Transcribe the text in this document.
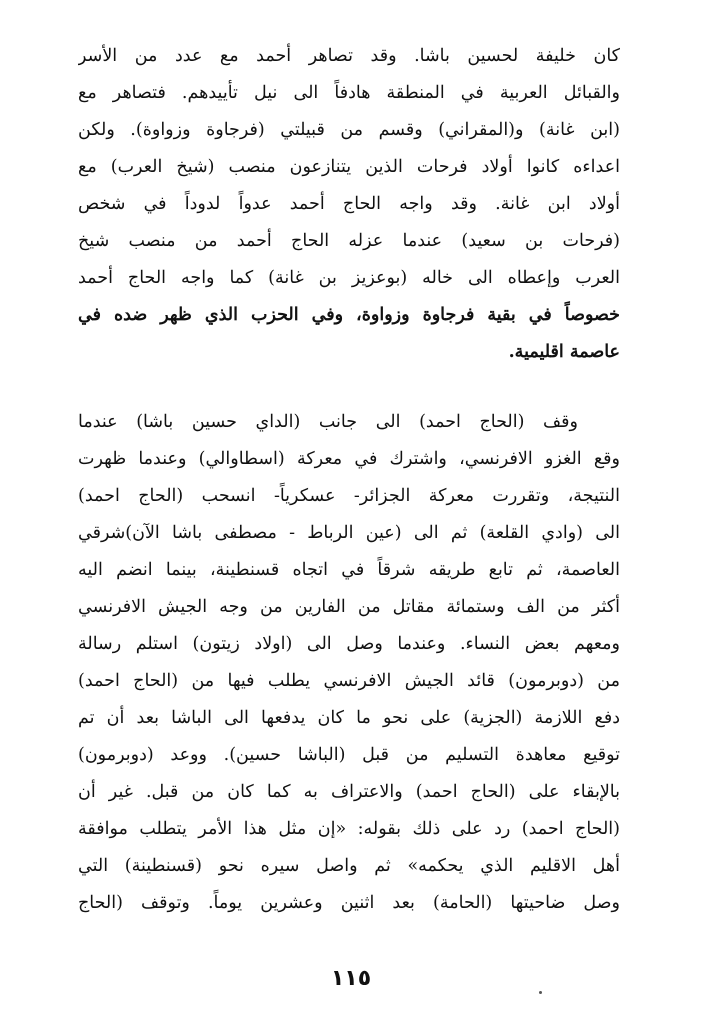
كان خليفة لحسين باشا. وقد تصاهر أحمد مع عدد من الأسر
والقبائل العربية في المنطقة هادفاً الى نيل تأييدهم. فتصاهر مع
(ابن غانة) و(المقراني) وقسم من قبيلتي (فرجاوة وزواوة). ولكن
اعداءه كانوا أولاد فرحات الذين يتنازعون منصب (شيخ العرب) مع
أولاد ابن غانة. وقد واجه الحاج أحمد عدواً لدوداً في شخص
(فرحات بن سعيد) عندما عزله الحاج أحمد من منصب شيخ
العرب وإعطاه الى خاله (بوعزيز بن غانة) كما واجه الحاج أحمد
خصوصاً في بقية فرجاوة وزواوة، وفي الحزب الذي ظهر ضده في
عاصمة اقليمية.
وقف (الحاج احمد) الى جانب (الداي حسين باشا) عندما
وقع الغزو الافرنسي، واشترك في معركة (اسطاوالي) وعندما ظهرت
النتيجة، وتقررت معركة الجزائر- عسكرياً- انسحب (الحاج احمد)
الى (وادي القلعة) ثم الى (عين الرباط - مصطفى باشا الآن)شرقي
العاصمة، ثم تابع طريقه شرقاً في اتجاه قسنطينة، بينما انضم اليه
أكثر من الف وستمائة مقاتل من الفارين من وجه الجيش الافرنسي
ومعهم بعض النساء. وعندما وصل الى (اولاد زيتون) استلم رسالة
من (دوبرمون) قائد الجيش الافرنسي يطلب فيها من (الحاج احمد)
دفع اللازمة (الجزية) على نحو ما كان يدفعها الى الباشا بعد أن تم
توقيع معاهدة التسليم من قبل (الباشا حسين). ووعد (دوبرمون)
بالإبقاء على (الحاج احمد) والاعتراف به كما كان من قبل. غير أن
(الحاج احمد) رد على ذلك بقوله: «إن مثل هذا الأمر يتطلب موافقة
أهل الاقليم الذي يحكمه» ثم واصل سيره نحو (قسنطينة) التي
وصل ضاحيتها (الحامة) بعد اثنين وعشرين يوماً. وتوقف (الحاج
١١٥
